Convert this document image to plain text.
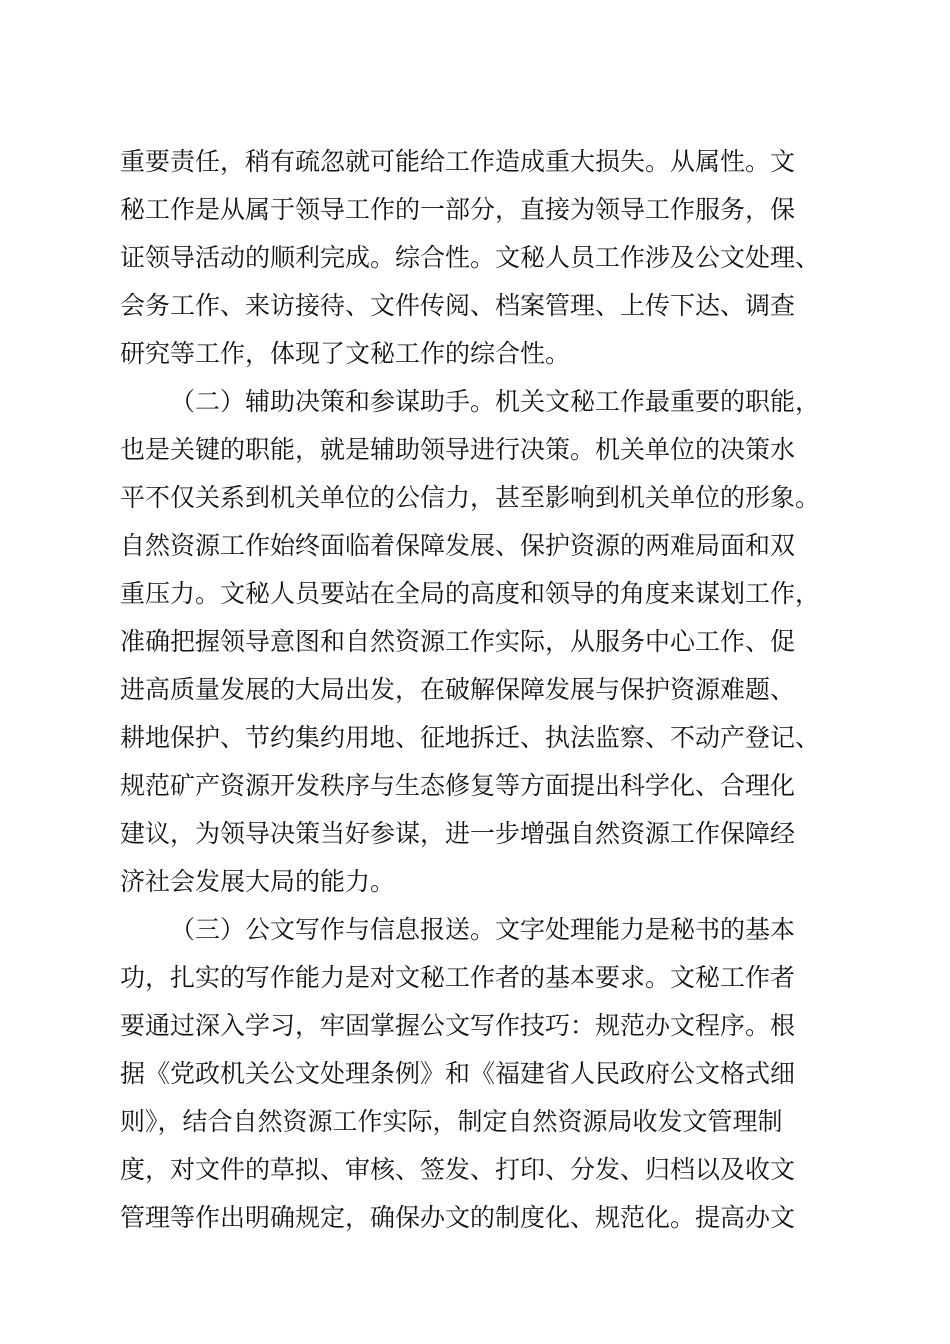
重要责任，稍有疏忽就可能给工作造成重大损失。从属性。文
秘工作是从属于领导工作的一部分，直接为领导工作服务，保
证领导活动的顺利完成。综合性。文秘人员工作涉及公文处理、
会务工作、来访接待、文件传阅、档案管理、上传下达、调查
研究等工作，体现了文秘工作的综合性。
（二）辅助决策和参谋助手。机关文秘工作最重要的职能，
也是关键的职能，就是辅助领导进行决策。机关单位的决策水
平不仅关系到机关单位的公信力，甚至影响到机关单位的形象。
自然资源工作始终面临着保障发展、保护资源的两难局面和双
重压力。文秘人员要站在全局的高度和领导的角度来谋划工作，
准确把握领导意图和自然资源工作实际，从服务中心工作、促
进高质量发展的大局出发，在破解保障发展与保护资源难题、
耕地保护、节约集约用地、征地拆迁、执法监察、不动产登记、
规范矿产资源开发秩序与生态修复等方面提出科学化、合理化
建议，为领导决策当好参谋，进一步增强自然资源工作保障经
济社会发展大局的能力。
（三）公文写作与信息报送。文字处理能力是秘书的基本
功，扎实的写作能力是对文秘工作者的基本要求。文秘工作者
要通过深入学习，牢固掌握公文写作技巧：规范办文程序。根
据《党政机关公文处理条例》和《福建省人民政府公文格式细
则》，结合自然资源工作实际，制定自然资源局收发文管理制
度，对文件的草拟、审核、签发、打印、分发、归档以及收文
管理等作出明确规定，确保办文的制度化、规范化。提高办文
